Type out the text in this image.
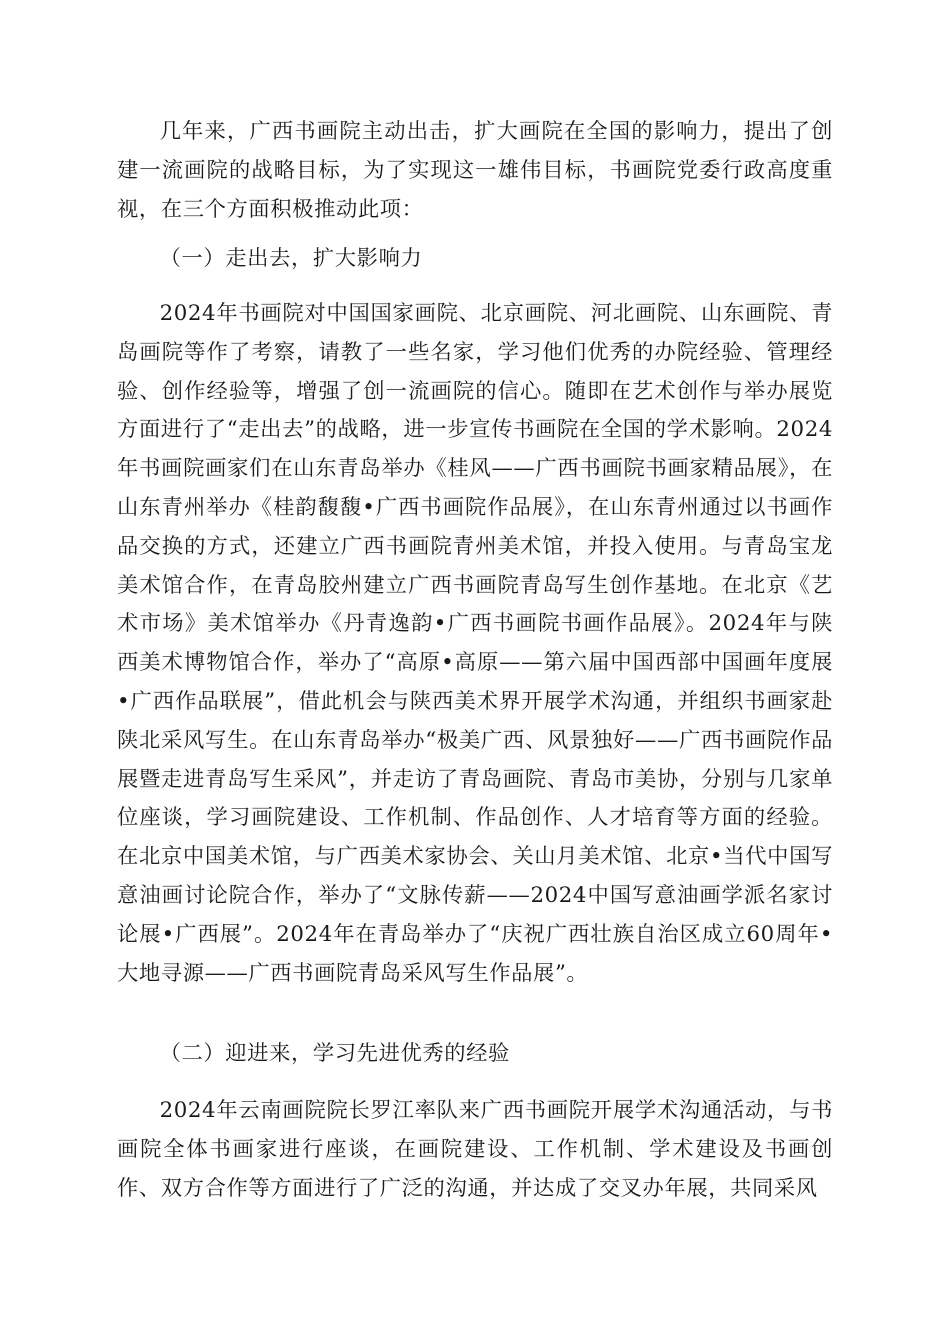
几年来，广西书画院主动出击，扩大画院在全国的影响力，提出了创建一流画院的战略目标，为了实现这一雄伟目标，书画院党委行政高度重视，在三个方面积极推动此项：

（一）走出去，扩大影响力

2024年书画院对中国国家画院、北京画院、河北画院、山东画院、青岛画院等作了考察，请教了一些名家，学习他们优秀的办院经验、管理经验、创作经验等，增强了创一流画院的信心。随即在艺术创作与举办展览方面进行了“走出去”的战略，进一步宣传书画院在全国的学术影响。2024年书画院画家们在山东青岛举办《桂风——广西书画院书画家精品展》，在山东青州举办《桂韵馥馥•广西书画院作品展》，在山东青州通过以书画作品交换的方式，还建立广西书画院青州美术馆，并投入使用。与青岛宝龙美术馆合作，在青岛胶州建立广西书画院青岛写生创作基地。在北京《艺术市场》美术馆举办《丹青逸韵•广西书画院书画作品展》。2024年与陕西美术博物馆合作，举办了“高原•高原——第六届中国西部中国画年度展•广西作品联展”，借此机会与陕西美术界开展学术沟通，并组织书画家赴陕北采风写生。在山东青岛举办“极美广西、风景独好——广西书画院作品展暨走进青岛写生采风”，并走访了青岛画院、青岛市美协，分别与几家单位座谈，学习画院建设、工作机制、作品创作、人才培育等方面的经验。在北京中国美术馆，与广西美术家协会、关山月美术馆、北京•当代中国写意油画讨论院合作，举办了“文脉传薪——2024中国写意油画学派名家讨论展•广西展”。2024年在青岛举办了“庆祝广西壮族自治区成立60周年•大地寻源——广西书画院青岛采风写生作品展”。

（二）迎进来，学习先进优秀的经验

2024年云南画院院长罗江率队来广西书画院开展学术沟通活动，与书画院全体书画家进行座谈，在画院建设、工作机制、学术建设及书画创作、双方合作等方面进行了广泛的沟通，并达成了交叉办年展，共同采风
